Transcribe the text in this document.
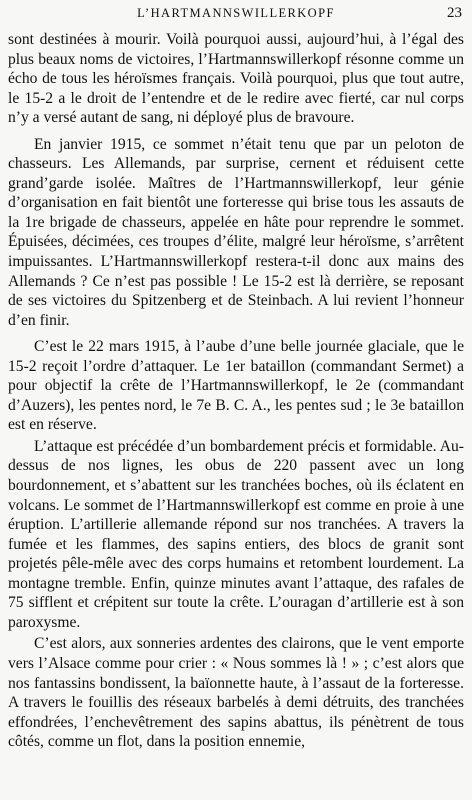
L’HARTMANNSWILLERKOPF	23

sont destinées à mourir. Voilà pourquoi aussi, aujourd’hui, à l’égal des plus beaux noms de victoires, l’Hartmannswillerkopf résonne comme un écho de tous les héroïsmes français. Voilà pourquoi, plus que tout autre, le 15-2 a le droit de l’entendre et de le redire avec fierté, car nul corps n’y a versé autant de sang, ni déployé plus de bravoure.

En janvier 1915, ce sommet n’était tenu que par un peloton de chasseurs. Les Allemands, par surprise, cernent et réduisent cette grand’garde isolée. Maîtres de l’Hartmannswillerkopf, leur génie d’organisation en fait bientôt une forteresse qui brise tous les assauts de la 1re brigade de chasseurs, appelée en hâte pour reprendre le sommet. Épuisées, décimées, ces troupes d’élite, malgré leur héroïsme, s’arrêtent impuissantes. L’Hartmannswillerkopf restera-t-il donc aux mains des Allemands ? Ce n’est pas possible ! Le 15-2 est là derrière, se reposant de ses victoires du Spitzenberg et de Steinbach. A lui revient l’honneur d’en finir.

C’est le 22 mars 1915, à l’aube d’une belle journée glaciale, que le 15-2 reçoit l’ordre d’attaquer. Le 1er bataillon (commandant Sermet) a pour objectif la crête de l’Hartmannswillerkopf, le 2e (commandant d’Auzers), les pentes nord, le 7e B. C. A., les pentes sud ; le 3e bataillon est en réserve.

L’attaque est précédée d’un bombardement précis et formidable. Au-dessus de nos lignes, les obus de 220 passent avec un long bourdonnement, et s’abattent sur les tranchées boches, où ils éclatent en volcans. Le sommet de l’Hartmannswillerkopf est comme en proie à une éruption. L’artillerie allemande répond sur nos tranchées. A travers la fumée et les flammes, des sapins entiers, des blocs de granit sont projetés pêle-mêle avec des corps humains et retombent lourdement. La montagne tremble. Enfin, quinze minutes avant l’attaque, des rafales de 75 sifflent et crépitent sur toute la crête. L’ouragan d’artillerie est à son paroxysme.

C’est alors, aux sonneries ardentes des clairons, que le vent emporte vers l’Alsace comme pour crier : « Nous sommes là ! » ; c’est alors que nos fantassins bondissent, la baïonnette haute, à l’assaut de la forteresse. A travers le fouillis des réseaux barbelés à demi détruits, des tranchées effondrées, l’enchevêtrement des sapins abattus, ils pénètrent de tous côtés, comme un flot, dans la position ennemie,
